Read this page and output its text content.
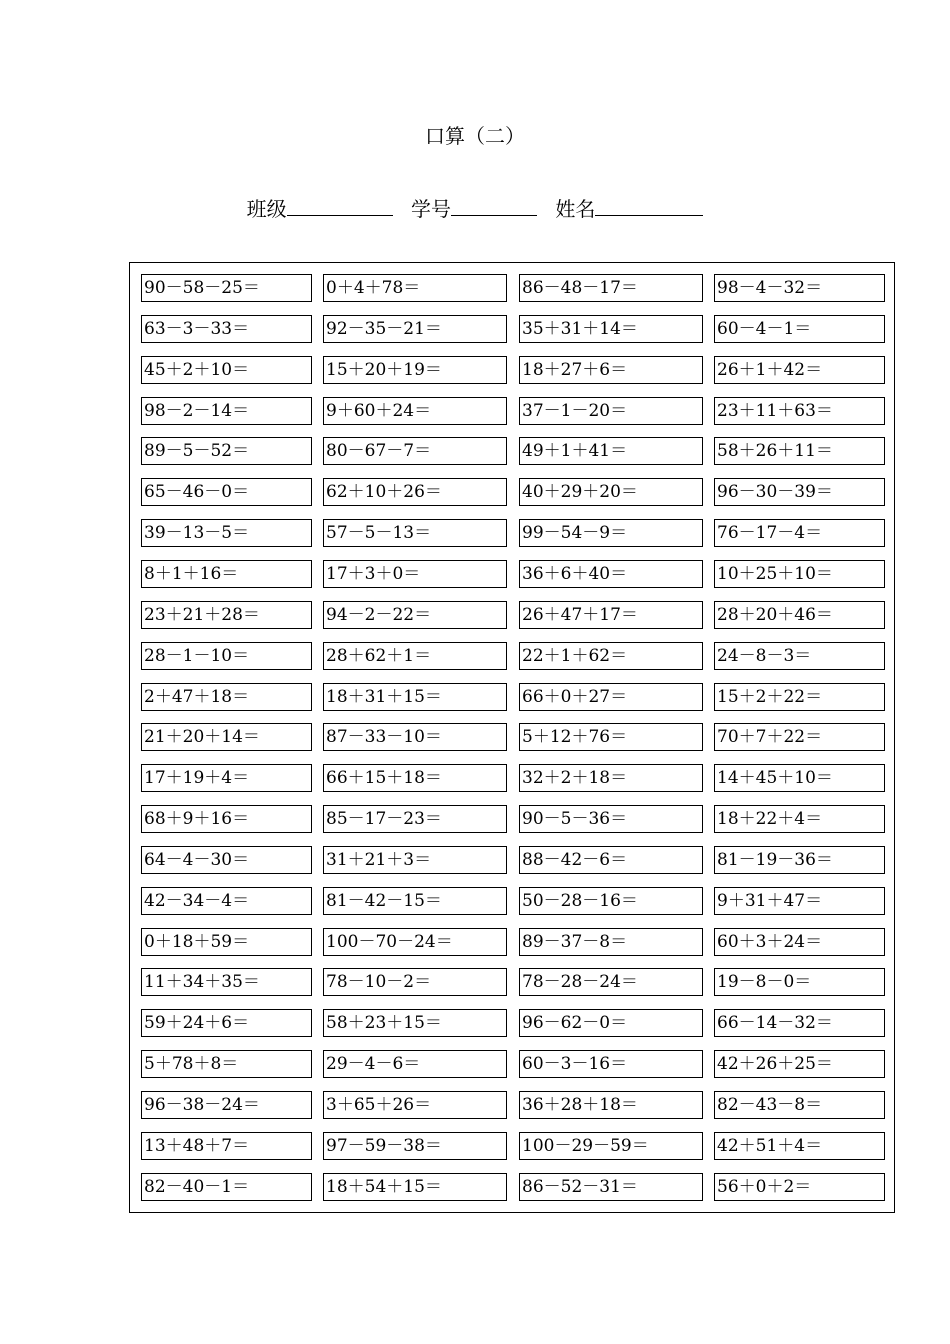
口算（二）
班级	学号	姓名
90－58－25＝	0＋4＋78＝	86－48－17＝	98－4－32＝
63－3－33＝	92－35－21＝	35＋31＋14＝	60－4－1＝
45＋2＋10＝	15＋20＋19＝	18＋27＋6＝	26＋1＋42＝
98－2－14＝	9＋60＋24＝	37－1－20＝	23＋11＋63＝
89－5－52＝	80－67－7＝	49＋1＋41＝	58＋26＋11＝
65－46－0＝	62＋10＋26＝	40＋29＋20＝	96－30－39＝
39－13－5＝	57－5－13＝	99－54－9＝	76－17－4＝
8＋1＋16＝	17＋3＋0＝	36＋6＋40＝	10＋25＋10＝
23＋21＋28＝	94－2－22＝	26＋47＋17＝	28＋20＋46＝
28－1－10＝	28＋62＋1＝	22＋1＋62＝	24－8－3＝
2＋47＋18＝	18＋31＋15＝	66＋0＋27＝	15＋2＋22＝
21＋20＋14＝	87－33－10＝	5＋12＋76＝	70＋7＋22＝
17＋19＋4＝	66＋15＋18＝	32＋2＋18＝	14＋45＋10＝
68＋9＋16＝	85－17－23＝	90－5－36＝	18＋22＋4＝
64－4－30＝	31＋21＋3＝	88－42－6＝	81－19－36＝
42－34－4＝	81－42－15＝	50－28－16＝	9＋31＋47＝
0＋18＋59＝	100－70－24＝	89－37－8＝	60＋3＋24＝
11＋34＋35＝	78－10－2＝	78－28－24＝	19－8－0＝
59＋24＋6＝	58＋23＋15＝	96－62－0＝	66－14－32＝
5＋78＋8＝	29－4－6＝	60－3－16＝	42＋26＋25＝
96－38－24＝	3＋65＋26＝	36＋28＋18＝	82－43－8＝
13＋48＋7＝	97－59－38＝	100－29－59＝	42＋51＋4＝
82－40－1＝	18＋54＋15＝	86－52－31＝	56＋0＋2＝
